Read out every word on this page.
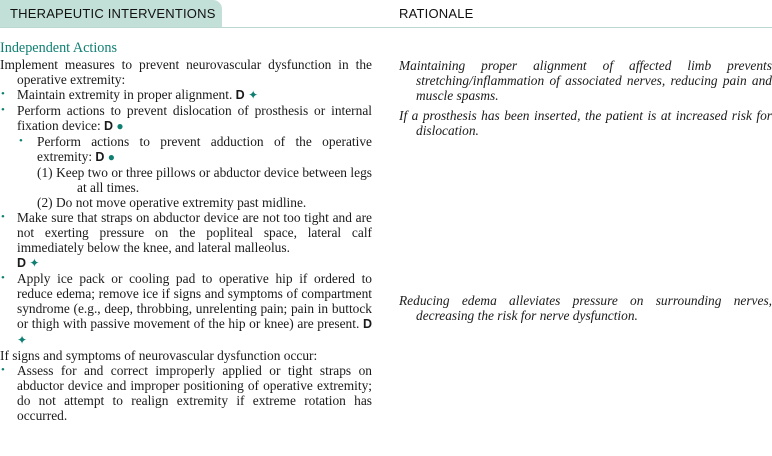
THERAPEUTIC INTERVENTIONS	RATIONALE
Independent Actions
Implement measures to prevent neurovascular dysfunction in the operative extremity:
• Maintain extremity in proper alignment. D ✦
• Perform actions to prevent dislocation of prosthesis or internal fixation device: D ●
• Perform actions to prevent adduction of the operative extremity: D ●
(1) Keep two or three pillows or abductor device between legs at all times.
(2) Do not move operative extremity past midline.
• Make sure that straps on abductor device are not too tight and are not exerting pressure on the popliteal space, lateral calf immediately below the knee, and lateral malleolus.
D ✦
• Apply ice pack or cooling pad to operative hip if ordered to reduce edema; remove ice if signs and symptoms of compartment syndrome (e.g., deep, throbbing, unrelenting pain; pain in buttock or thigh with passive movement of the hip or knee) are present. D ✦
If signs and symptoms of neurovascular dysfunction occur:
• Assess for and correct improperly applied or tight straps on abductor device and improper positioning of operative extremity; do not attempt to realign extremity if extreme rotation has occurred.
Maintaining proper alignment of affected limb prevents stretching/inflammation of associated nerves, reducing pain and muscle spasms.
If a prosthesis has been inserted, the patient is at increased risk for dislocation.
Reducing edema alleviates pressure on surrounding nerves, decreasing the risk for nerve dysfunction.
